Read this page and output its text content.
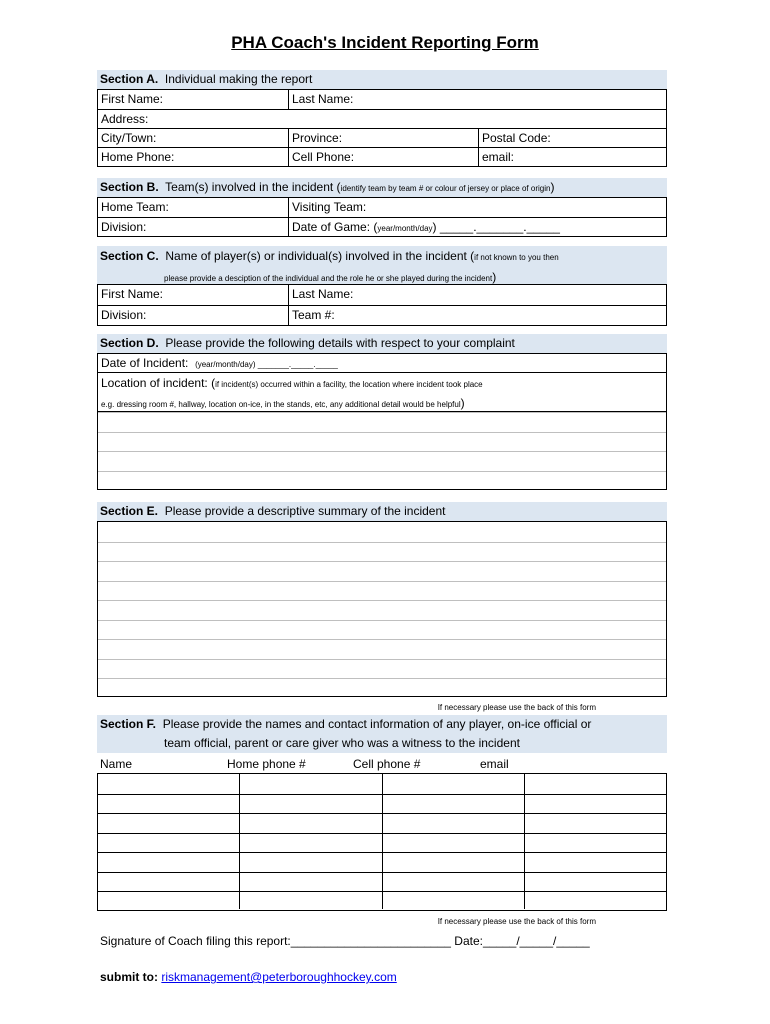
PHA Coach's Incident Reporting Form
Section A. Individual making the report
First Name:	Last Name:
Address:
City/Town:	Province:	Postal Code:
Home Phone:	Cell Phone:	email:
Section B. Team(s) involved in the incident (identify team by team # or colour of jersey or place of origin)
Home Team:	Visiting Team:
Division:	Date of Game: (year/month/day) _____._______._____
Section C. Name of player(s) or individual(s) involved in the incident (if not known to you then
please provide a desciption of the individual and the role he or she played during the incident)
First Name:	Last Name:
Division:	Team #:
Section D. Please provide the following details with respect to your complaint
Date of Incident: (year/month/day) _______._____._____
Location of incident: (if incident(s) occurred within a facility, the location where incident took place
e.g. dressing room #, hallway, location on-ice, in the stands, etc, any additional detail would be helpful)
Section E. Please provide a descriptive summary of the incident
If necessary please use the back of this form
Section F. Please provide the names and contact information of any player, on-ice official or
team official, parent or care giver who was a witness to the incident
Name	Home phone #	Cell phone #	email
If necessary please use the back of this form
Signature of Coach filing this report:________________________ Date:_____/_____/_____
submit to: riskmanagement@peterboroughhockey.com
